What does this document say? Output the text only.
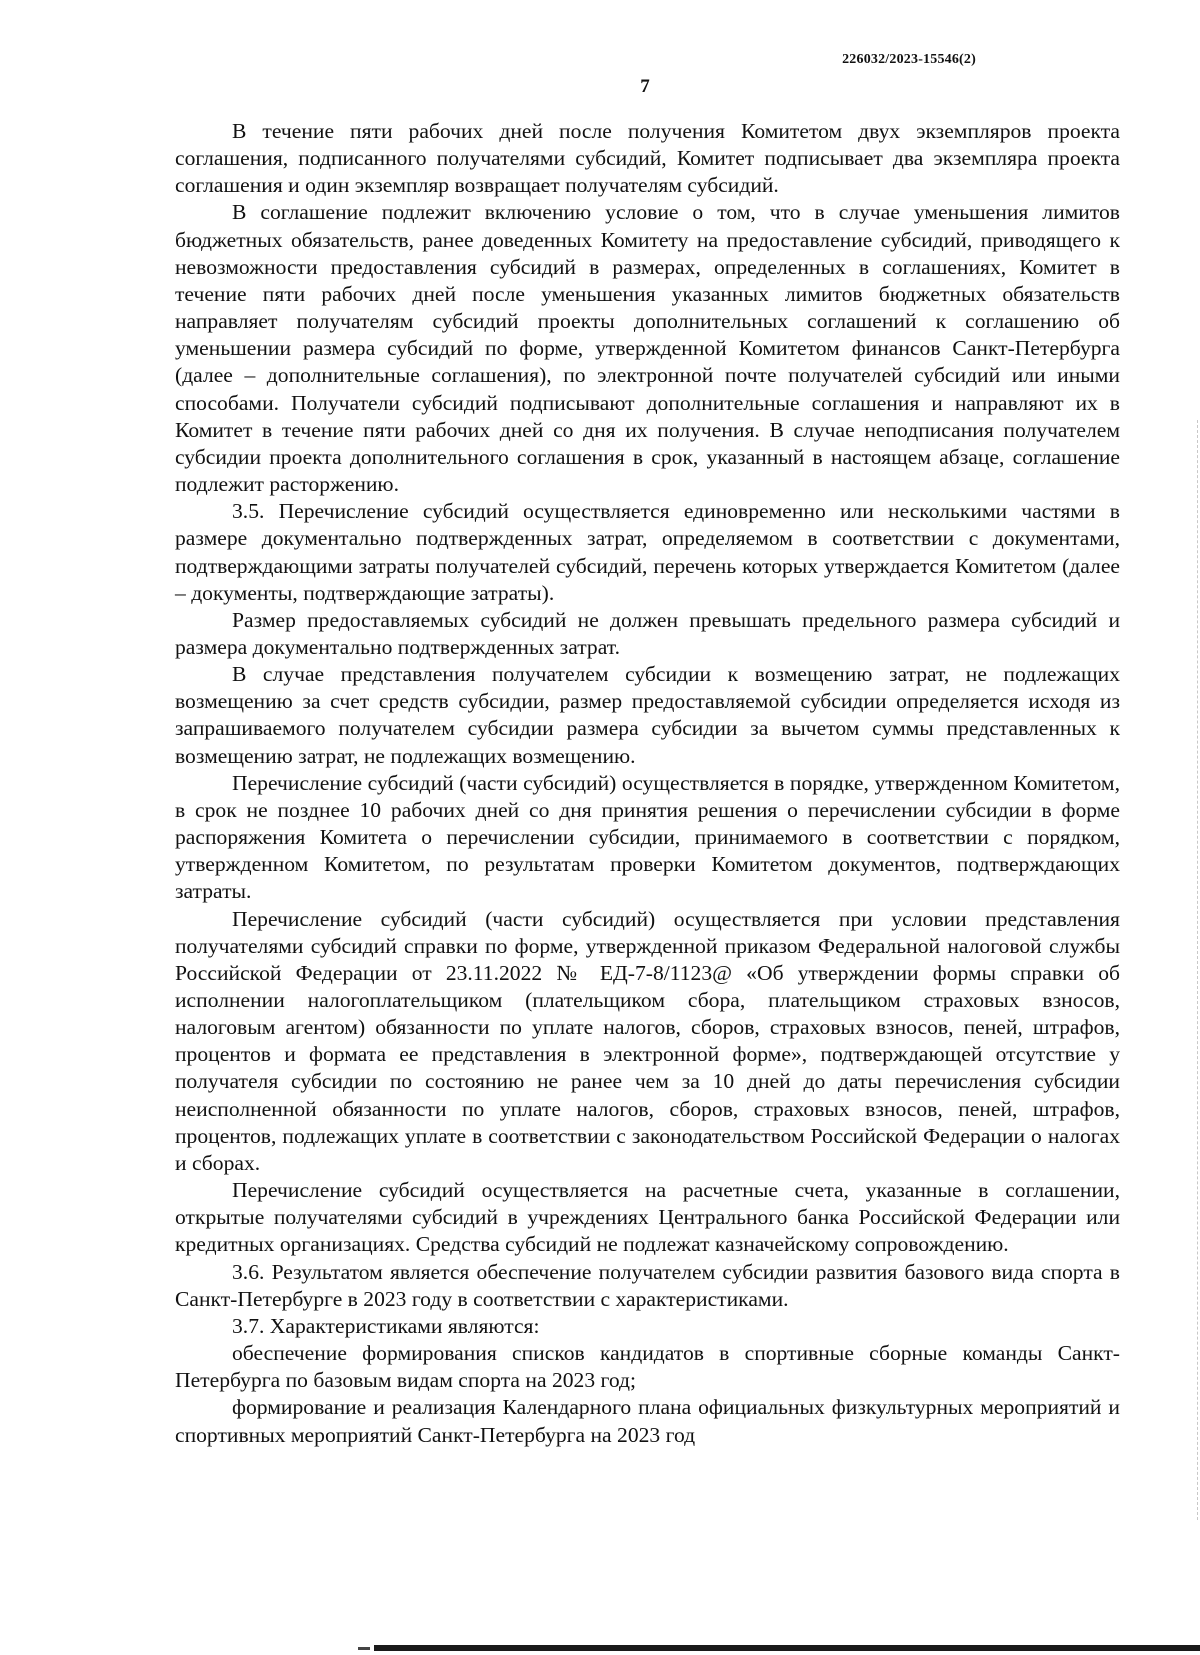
226032/2023-15546(2)
7

В течение пяти рабочих дней после получения Комитетом двух экземпляров проекта соглашения, подписанного получателями субсидий, Комитет подписывает два экземпляра проекта соглашения и один экземпляр возвращает получателям субсидий.

В соглашение подлежит включению условие о том, что в случае уменьшения лимитов бюджетных обязательств, ранее доведенных Комитету на предоставление субсидий, приводящего к невозможности предоставления субсидий в размерах, определенных в соглашениях, Комитет в течение пяти рабочих дней после уменьшения указанных лимитов бюджетных обязательств направляет получателям субсидий проекты дополнительных соглашений к соглашению об уменьшении размера субсидий по форме, утвержденной Комитетом финансов Санкт-Петербурга (далее – дополнительные соглашения), по электронной почте получателей субсидий или иными способами. Получатели субсидий подписывают дополнительные соглашения и направляют их в Комитет в течение пяти рабочих дней со дня их получения. В случае неподписания получателем субсидии проекта дополнительного соглашения в срок, указанный в настоящем абзаце, соглашение подлежит расторжению.

3.5. Перечисление субсидий осуществляется единовременно или несколькими частями в размере документально подтвержденных затрат, определяемом в соответствии с документами, подтверждающими затраты получателей субсидий, перечень которых утверждается Комитетом (далее – документы, подтверждающие затраты).

Размер предоставляемых субсидий не должен превышать предельного размера субсидий и размера документально подтвержденных затрат.

В случае представления получателем субсидии к возмещению затрат, не подлежащих возмещению за счет средств субсидии, размер предоставляемой субсидии определяется исходя из запрашиваемого получателем субсидии размера субсидии за вычетом суммы представленных к возмещению затрат, не подлежащих возмещению.

Перечисление субсидий (части субсидий) осуществляется в порядке, утвержденном Комитетом, в срок не позднее 10 рабочих дней со дня принятия решения о перечислении субсидии в форме распоряжения Комитета о перечислении субсидии, принимаемого в соответствии с порядком, утвержденном Комитетом, по результатам проверки Комитетом документов, подтверждающих затраты.

Перечисление субсидий (части субсидий) осуществляется при условии представления получателями субсидий справки по форме, утвержденной приказом Федеральной налоговой службы Российской Федерации от 23.11.2022 № ЕД-7-8/1123@ «Об утверждении формы справки об исполнении налогоплательщиком (плательщиком сбора, плательщиком страховых взносов, налоговым агентом) обязанности по уплате налогов, сборов, страховых взносов, пеней, штрафов, процентов и формата ее представления в электронной форме», подтверждающей отсутствие у получателя субсидии по состоянию не ранее чем за 10 дней до даты перечисления субсидии неисполненной обязанности по уплате налогов, сборов, страховых взносов, пеней, штрафов, процентов, подлежащих уплате в соответствии с законодательством Российской Федерации о налогах и сборах.

Перечисление субсидий осуществляется на расчетные счета, указанные в соглашении, открытые получателями субсидий в учреждениях Центрального банка Российской Федерации или кредитных организациях. Средства субсидий не подлежат казначейскому сопровождению.

3.6. Результатом является обеспечение получателем субсидии развития базового вида спорта в Санкт-Петербурге в 2023 году в соответствии с характеристиками.

3.7. Характеристиками являются:

обеспечение формирования списков кандидатов в спортивные сборные команды Санкт-Петербурга по базовым видам спорта на 2023 год;

формирование и реализация Календарного плана официальных физкультурных мероприятий и спортивных мероприятий Санкт-Петербурга на 2023 год
